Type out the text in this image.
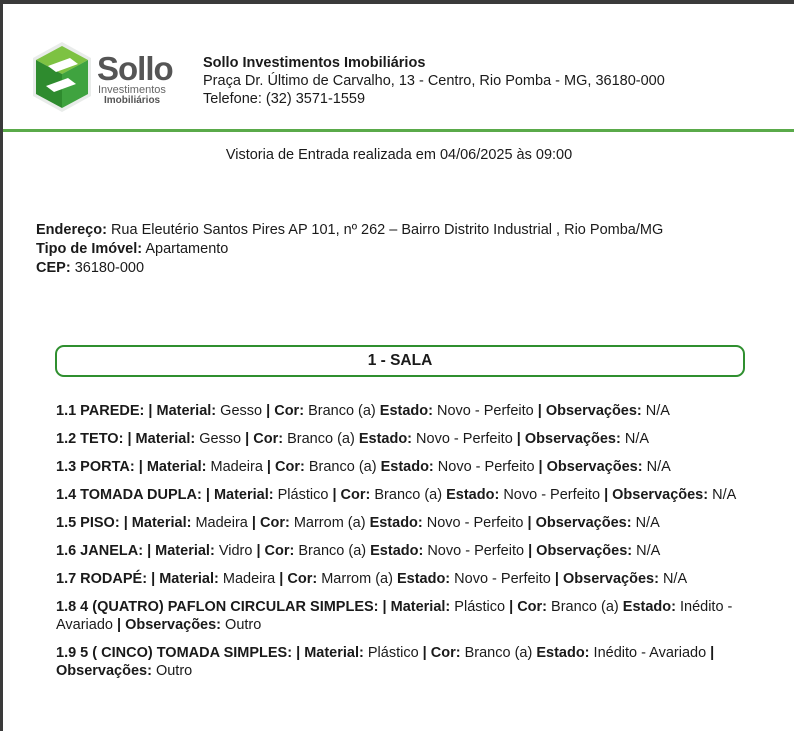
Sollo
Investimentos
Imobiliários
Sollo Investimentos Imobiliários
Praça Dr. Último de Carvalho, 13 - Centro, Rio Pomba - MG, 36180-000
Telefone: (32) 3571-1559
Vistoria de Entrada realizada em 04/06/2025 às 09:00
Endereço: Rua Eleutério Santos Pires AP 101, nº 262 – Bairro Distrito Industrial , Rio Pomba/MG
Tipo de Imóvel: Apartamento
CEP: 36180-000
1 - SALA
1.1 PAREDE: | Material: Gesso | Cor: Branco (a) Estado: Novo - Perfeito | Observações: N/A
1.2 TETO: | Material: Gesso | Cor: Branco (a) Estado: Novo - Perfeito | Observações: N/A
1.3 PORTA: | Material: Madeira | Cor: Branco (a) Estado: Novo - Perfeito | Observações: N/A
1.4 TOMADA DUPLA: | Material: Plástico | Cor: Branco (a) Estado: Novo - Perfeito | Observações: N/A
1.5 PISO: | Material: Madeira | Cor: Marrom (a) Estado: Novo - Perfeito | Observações: N/A
1.6 JANELA: | Material: Vidro | Cor: Branco (a) Estado: Novo - Perfeito | Observações: N/A
1.7 RODAPÉ: | Material: Madeira | Cor: Marrom (a) Estado: Novo - Perfeito | Observações: N/A
1.8 4 (QUATRO) PAFLON CIRCULAR SIMPLES: | Material: Plástico | Cor: Branco (a) Estado: Inédito - Avariado | Observações: Outro
1.9 5 ( CINCO) TOMADA SIMPLES: | Material: Plástico | Cor: Branco (a) Estado: Inédito - Avariado | Observações: Outro
